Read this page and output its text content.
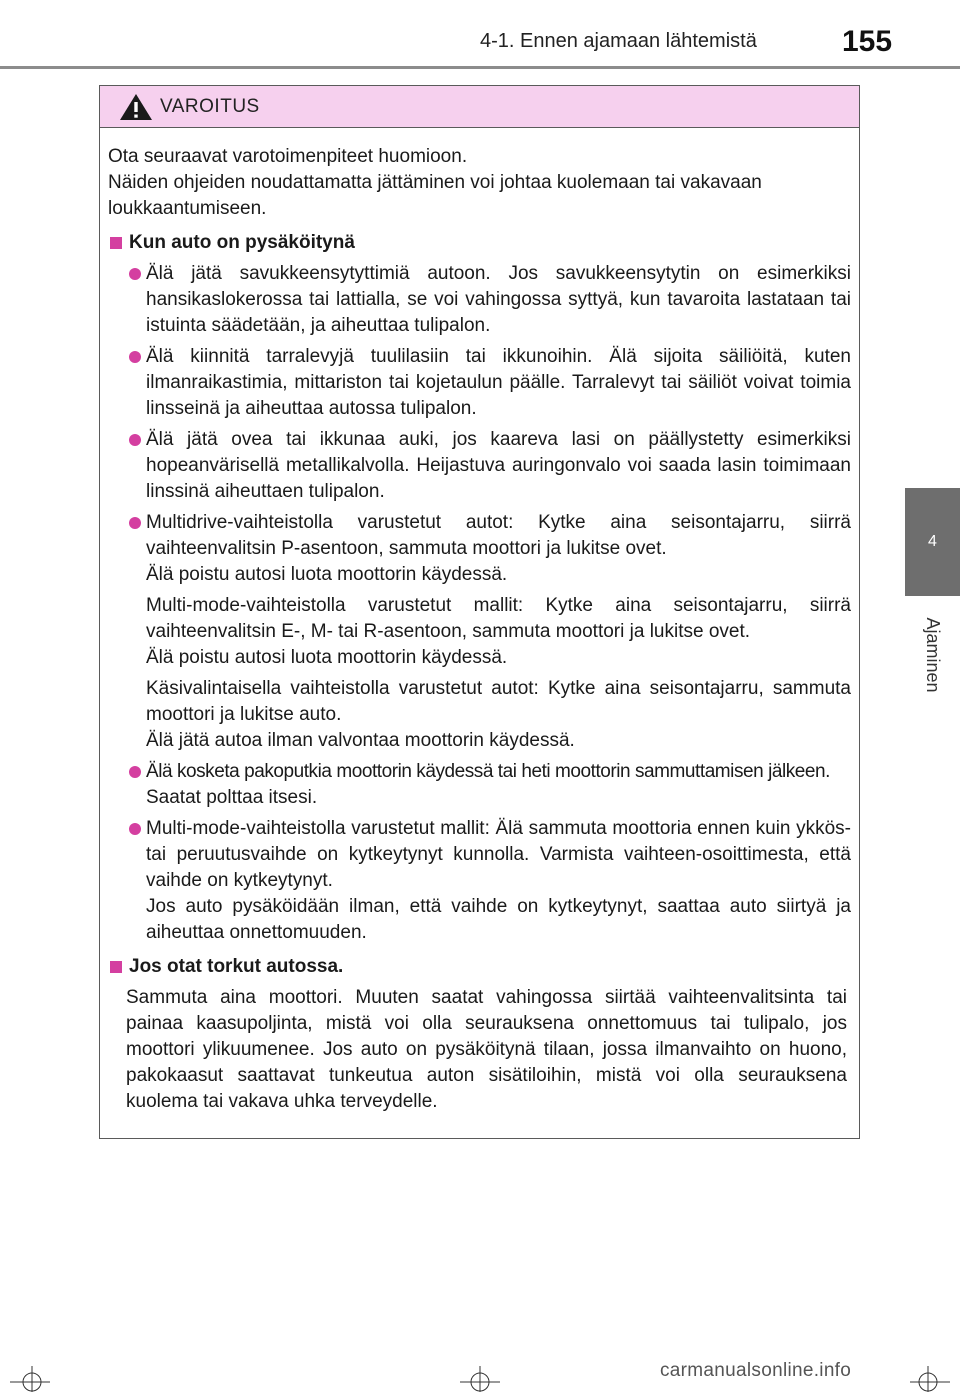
4-1. Ennen ajamaan lähtemistä	155
4
Ajaminen
VAROITUS

Ota seuraavat varotoimenpiteet huomioon.

Näiden ohjeiden noudattamatta jättäminen voi johtaa kuolemaan tai vakavaan loukkaantumiseen.

Kun auto on pysäköitynä

Älä jätä savukkeensytyttimiä autoon. Jos savukkeensytytin on esimerkiksi hansikaslokerossa tai lattialla, se voi vahingossa syttyä, kun tavaroita lastataan tai istuinta säädetään, ja aiheuttaa tulipalon.

Älä kiinnitä tarralevyjä tuulilasiin tai ikkunoihin. Älä sijoita säiliöitä, kuten ilmanraikastimia, mittariston tai kojetaulun päälle. Tarralevyt tai säiliöt voivat toimia linsseinä ja aiheuttaa autossa tulipalon.

Älä jätä ovea tai ikkunaa auki, jos kaareva lasi on päällystetty esimerkiksi hopeanvärisellä metallikalvolla. Heijastuva auringonvalo voi saada lasin toimimaan linssinä aiheuttaen tulipalon.

Multidrive-vaihteistolla varustetut autot: Kytke aina seisontajarru, siirrä vaihteenvalitsin P-asentoon, sammuta moottori ja lukitse ovet.

Älä poistu autosi luota moottorin käydessä.

Multi-mode-vaihteistolla varustetut mallit: Kytke aina seisontajarru, siirrä vaihteenvalitsin E-, M- tai R-asentoon, sammuta moottori ja lukitse ovet.

Älä poistu autosi luota moottorin käydessä.

Käsivalintaisella vaihteistolla varustetut autot: Kytke aina seisontajarru, sammuta moottori ja lukitse auto.

Älä jätä autoa ilman valvontaa moottorin käydessä.

Älä kosketa pakoputkia moottorin käydessä tai heti moottorin sammuttamisen jälkeen.

Saatat polttaa itsesi.

Multi-mode-vaihteistolla varustetut mallit: Älä sammuta moottoria ennen kuin ykkös- tai peruutusvaihde on kytkeytynyt kunnolla. Varmista vaihteen-osoittimesta, että vaihde on kytkeytynyt.

Jos auto pysäköidään ilman, että vaihde on kytkeytynyt, saattaa auto siirtyä ja aiheuttaa onnettomuuden.

Jos otat torkut autossa.
Sammuta aina moottori. Muuten saatat vahingossa siirtää vaihteenvalitsinta tai painaa kaasupoljinta, mistä voi olla seurauksena onnettomuus tai tulipalo, jos moottori ylikuumenee. Jos auto on pysäköitynä tilaan, jossa ilmanvaihto on huono, pakokaasut saattavat tunkeutua auton sisätiloihin, mistä voi olla seurauksena kuolema tai vakava uhka terveydelle.
carmanualsonline.info
